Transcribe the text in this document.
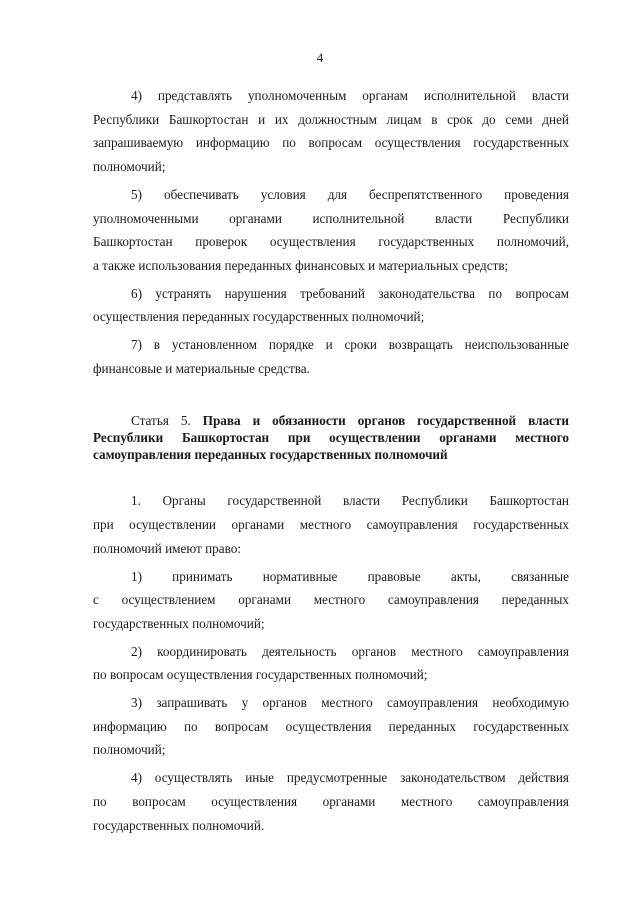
4
4) представлять уполномоченным органам исполнительной власти
Республики Башкортостан и их должностным лицам в срок до семи дней
запрашиваемую информацию по вопросам осуществления государственных
полномочий;
5) обеспечивать условия для беспрепятственного проведения
уполномоченными органами исполнительной власти Республики
Башкортостан проверок осуществления государственных полномочий,
а также использования переданных финансовых и материальных средств;
6) устранять нарушения требований законодательства по вопросам
осуществления переданных государственных полномочий;
7) в установленном порядке и сроки возвращать неиспользованные
финансовые и материальные средства.
Статья 5. Права и обязанности органов государственной власти
Республики Башкортостан при осуществлении органами местного
самоуправления переданных государственных полномочий
1. Органы государственной власти Республики Башкортостан
при осуществлении органами местного самоуправления государственных
полномочий имеют право:
1) принимать нормативные правовые акты, связанные
с осуществлением органами местного самоуправления переданных
государственных полномочий;
2) координировать деятельность органов местного самоуправления
по вопросам осуществления государственных полномочий;
3) запрашивать у органов местного самоуправления необходимую
информацию по вопросам осуществления переданных государственных
полномочий;
4) осуществлять иные предусмотренные законодательством действия
по вопросам осуществления органами местного самоуправления
государственных полномочий.
